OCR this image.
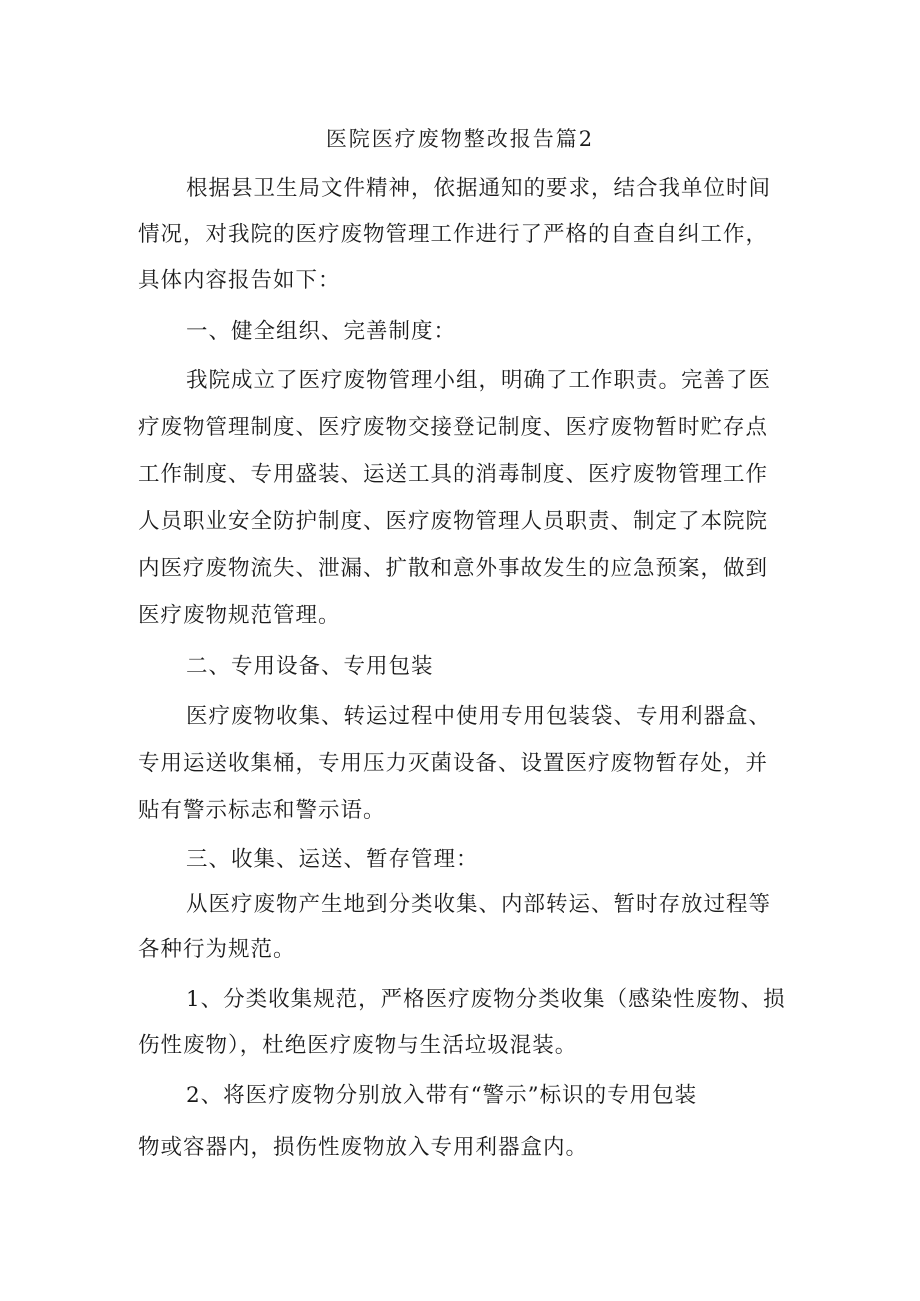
医院医疗废物整改报告篇2
根据县卫生局文件精神，依据通知的要求，结合我单位时间
情况，对我院的医疗废物管理工作进行了严格的自查自纠工作，
具体内容报告如下：
一、健全组织、完善制度：
我院成立了医疗废物管理小组，明确了工作职责。完善了医
疗废物管理制度、医疗废物交接登记制度、医疗废物暂时贮存点
工作制度、专用盛装、运送工具的消毒制度、医疗废物管理工作
人员职业安全防护制度、医疗废物管理人员职责、制定了本院院
内医疗废物流失、泄漏、扩散和意外事故发生的应急预案，做到
医疗废物规范管理。
二、专用设备、专用包装
医疗废物收集、转运过程中使用专用包装袋、专用利器盒、
专用运送收集桶，专用压力灭菌设备、设置医疗废物暂存处，并
贴有警示标志和警示语。
三、收集、运送、暂存管理：
从医疗废物产生地到分类收集、内部转运、暂时存放过程等
各种行为规范。
1、分类收集规范，严格医疗废物分类收集（感染性废物、损
伤性废物），杜绝医疗废物与生活垃圾混装。
2、将医疗废物分别放入带有“警示”标识的专用包装
物或容器内，损伤性废物放入专用利器盒内。
